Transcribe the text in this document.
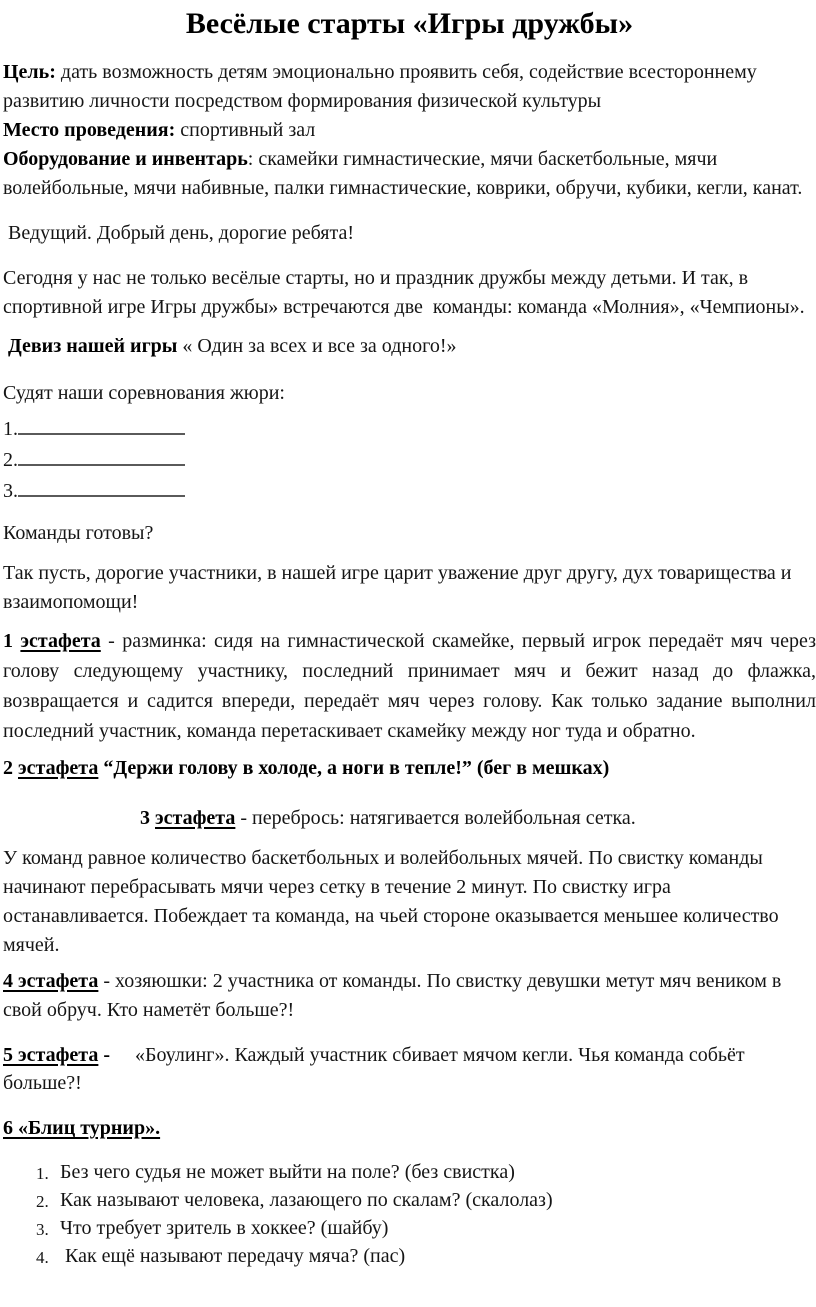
Весёлые старты «Игры дружбы»
Цель: дать возможность детям эмоционально проявить себя, содействие всестороннему развитию личности посредством формирования физической культуры
Место проведения: спортивный зал
Оборудование и инвентарь: скамейки гимнастические, мячи баскетбольные, мячи волейбольные, мячи набивные, палки гимнастические, коврики, обручи, кубики, кегли, канат.
Ведущий. Добрый день, дорогие ребята!
Сегодня у нас не только весёлые старты, но и праздник дружбы между детьми. И так, в спортивной игре Игры дружбы» встречаются две  команды: команда «Молния», «Чемпионы».
Девиз нашей игры « Один за всех и все за одного!»
Судят наши соревнования жюри:
1.
2.
3.
Команды готовы?
Так пусть, дорогие участники, в нашей игре царит уважение друг другу, дух товарищества и взаимопомощи!
1 эстафета - разминка: сидя на гимнастической скамейке, первый игрок передаёт мяч через голову следующему участнику, последний принимает мяч и бежит назад до флажка, возвращается и садится впереди, передаёт мяч через голову. Как только задание выполнил последний участник, команда перетаскивает скамейку между ног туда и обратно.
2 эстафета “Держи голову в холоде, а ноги в тепле!” (бег в мешках)
3 эстафета - перебрось: натягивается волейбольная сетка.
У команд равное количество баскетбольных и волейбольных мячей. По свистку команды начинают перебрасывать мячи через сетку в течение 2 минут. По свистку игра останавливается. Побеждает та команда, на чьей стороне оказывается меньшее количество мячей.
4 эстафета - хозяюшки: 2 участника от команды. По свистку девушки метут мяч веником в свой обруч. Кто наметёт больше?!
5 эстафета -     «Боулинг». Каждый участник сбивает мячом кегли. Чья команда собьёт больше?!
6 «Блиц турнир».
1. Без чего судья не может выйти на поле? (без свистка)
2. Как называют человека, лазающего по скалам? (скалолаз)
3. Что требует зритель в хоккее? (шайбу)
4. Как ещё называют передачу мяча? (пас)
